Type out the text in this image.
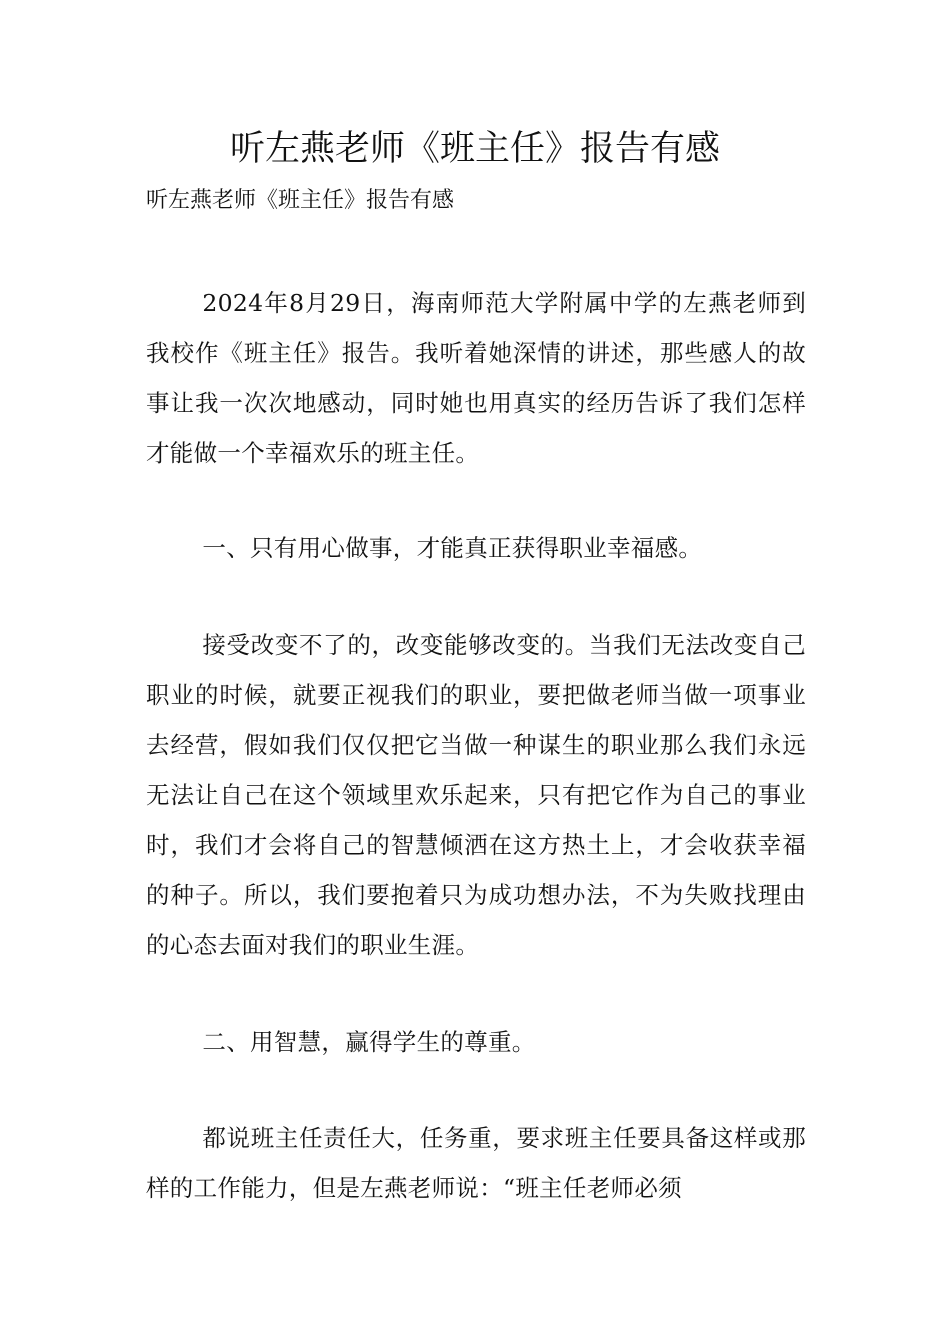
听左燕老师《班主任》报告有感

听左燕老师《班主任》报告有感

2024年8月29日，海南师范大学附属中学的左燕老师到我校作《班主任》报告。我听着她深情的讲述，那些感人的故事让我一次次地感动，同时她也用真实的经历告诉了我们怎样才能做一个幸福欢乐的班主任。

一、只有用心做事，才能真正获得职业幸福感。

接受改变不了的，改变能够改变的。当我们无法改变自己职业的时候，就要正视我们的职业，要把做老师当做一项事业去经营，假如我们仅仅把它当做一种谋生的职业那么我们永远无法让自己在这个领域里欢乐起来，只有把它作为自己的事业时，我们才会将自己的智慧倾洒在这方热土上，才会收获幸福的种子。所以，我们要抱着只为成功想办法，不为失败找理由的心态去面对我们的职业生涯。

二、用智慧，赢得学生的尊重。

都说班主任责任大，任务重，要求班主任要具备这样或那样的工作能力，但是左燕老师说：“班主任老师必须
